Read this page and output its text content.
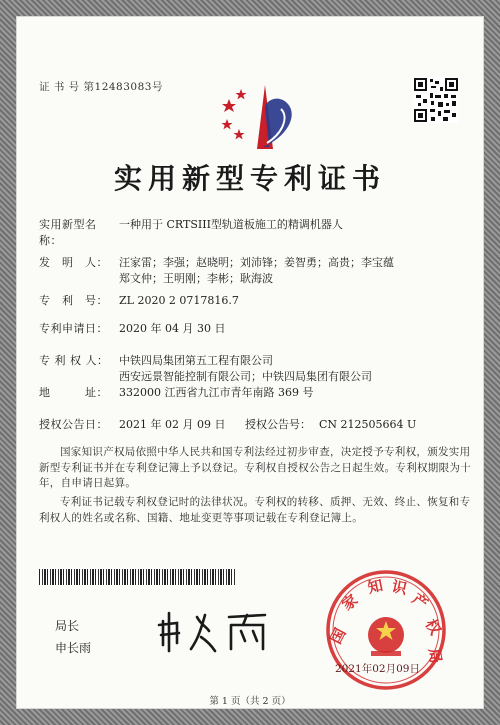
证 书 号 第12483083号
实用新型专利证书
实用新型名称：
一种用于 CRTSIII型轨道板施工的精调机器人
发　明　人：	汪家雷；李强；赵晓明；刘沛锋；姜智勇；高贵；李宝蕴
郑文仲；王明刚；李彬；耿海波
专　利　号：	ZL 2020 2 0717816.7
专利申请日：	2020 年 04 月 30 日
专 利 权 人： 中铁四局集团第五工程有限公司
西安远景智能控制有限公司；中铁四局集团有限公司
地　　　址：	332000 江西省九江市青年南路 369 号
授权公告日：	2021 年 02 月 09 日	授权公告号： CN 212505664 U
国家知识产权局依照中华人民共和国专利法经过初步审查，决定授予专利权，颁发实用新型专利证书并在专利登记簿上予以登记。专利权自授权公告之日起生效。专利权期限为十年，自申请日起算。
专利证书记载专利权登记时的法律状况。专利权的转移、质押、无效、终止、恢复和专利权人的姓名或名称、国籍、地址变更等事项记载在专利登记簿上。
局长
申长雨
国
家
知 识
产
权
局
2021年02月09日
第 1 页（共 2 页）
